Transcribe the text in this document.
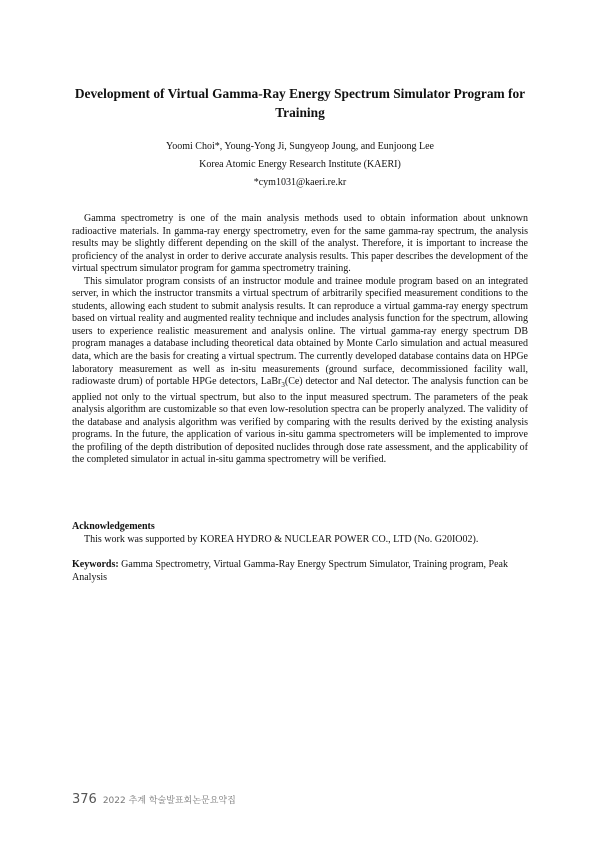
Development of Virtual Gamma-Ray Energy Spectrum Simulator Program for Training
Yoomi Choi*, Young-Yong Ji, Sungyeop Joung, and Eunjoong Lee
Korea Atomic Energy Research Institute (KAERI)
*cym1031@kaeri.re.kr

Gamma spectrometry is one of the main analysis methods used to obtain information about unknown radioactive materials. In gamma-ray energy spectrometry, even for the same gamma-ray spectrum, the analysis results may be slightly different depending on the skill of the analyst. Therefore, it is important to increase the proficiency of the analyst in order to derive accurate analysis results. This paper describes the development of the virtual spectrum simulator program for gamma spectrometry training.

This simulator program consists of an instructor module and trainee module program based on an integrated server, in which the instructor transmits a virtual spectrum of arbitrarily specified measurement conditions to the students, allowing each student to submit analysis results. It can reproduce a virtual gamma-ray energy spectrum based on virtual reality and augmented reality technique and includes analysis function for the spectrum, allowing users to experience realistic measurement and analysis online. The virtual gamma-ray energy spectrum DB program manages a database including theoretical data obtained by Monte Carlo simulation and actual measured data, which are the basis for creating a virtual spectrum. The currently developed database contains data on HPGe laboratory measurement as well as in-situ measurements (ground surface, decommissioned facility wall, radiowaste drum) of portable HPGe detectors, LaBr$_3$(Ce) detector and NaI detector. The analysis function can be applied not only to the virtual spectrum, but also to the input measured spectrum. The parameters of the peak analysis algorithm are customizable so that even low-resolution spectra can be properly analyzed. The validity of the database and analysis algorithm was verified by comparing with the results derived by the existing analysis programs. In the future, the application of various in-situ gamma spectrometers will be implemented to improve the profiling of the depth distribution of deposited nuclides through dose rate assessment, and the applicability of the completed simulator in actual in-situ gamma spectrometry will be verified.

Acknowledgements
This work was supported by KOREA HYDRO & NUCLEAR POWER CO., LTD (No. G20IO02).
Keywords: Gamma Spectrometry, Virtual Gamma-Ray Energy Spectrum Simulator, Training program, Peak Analysis
376 2022 추계 학술발표회논문요약집
